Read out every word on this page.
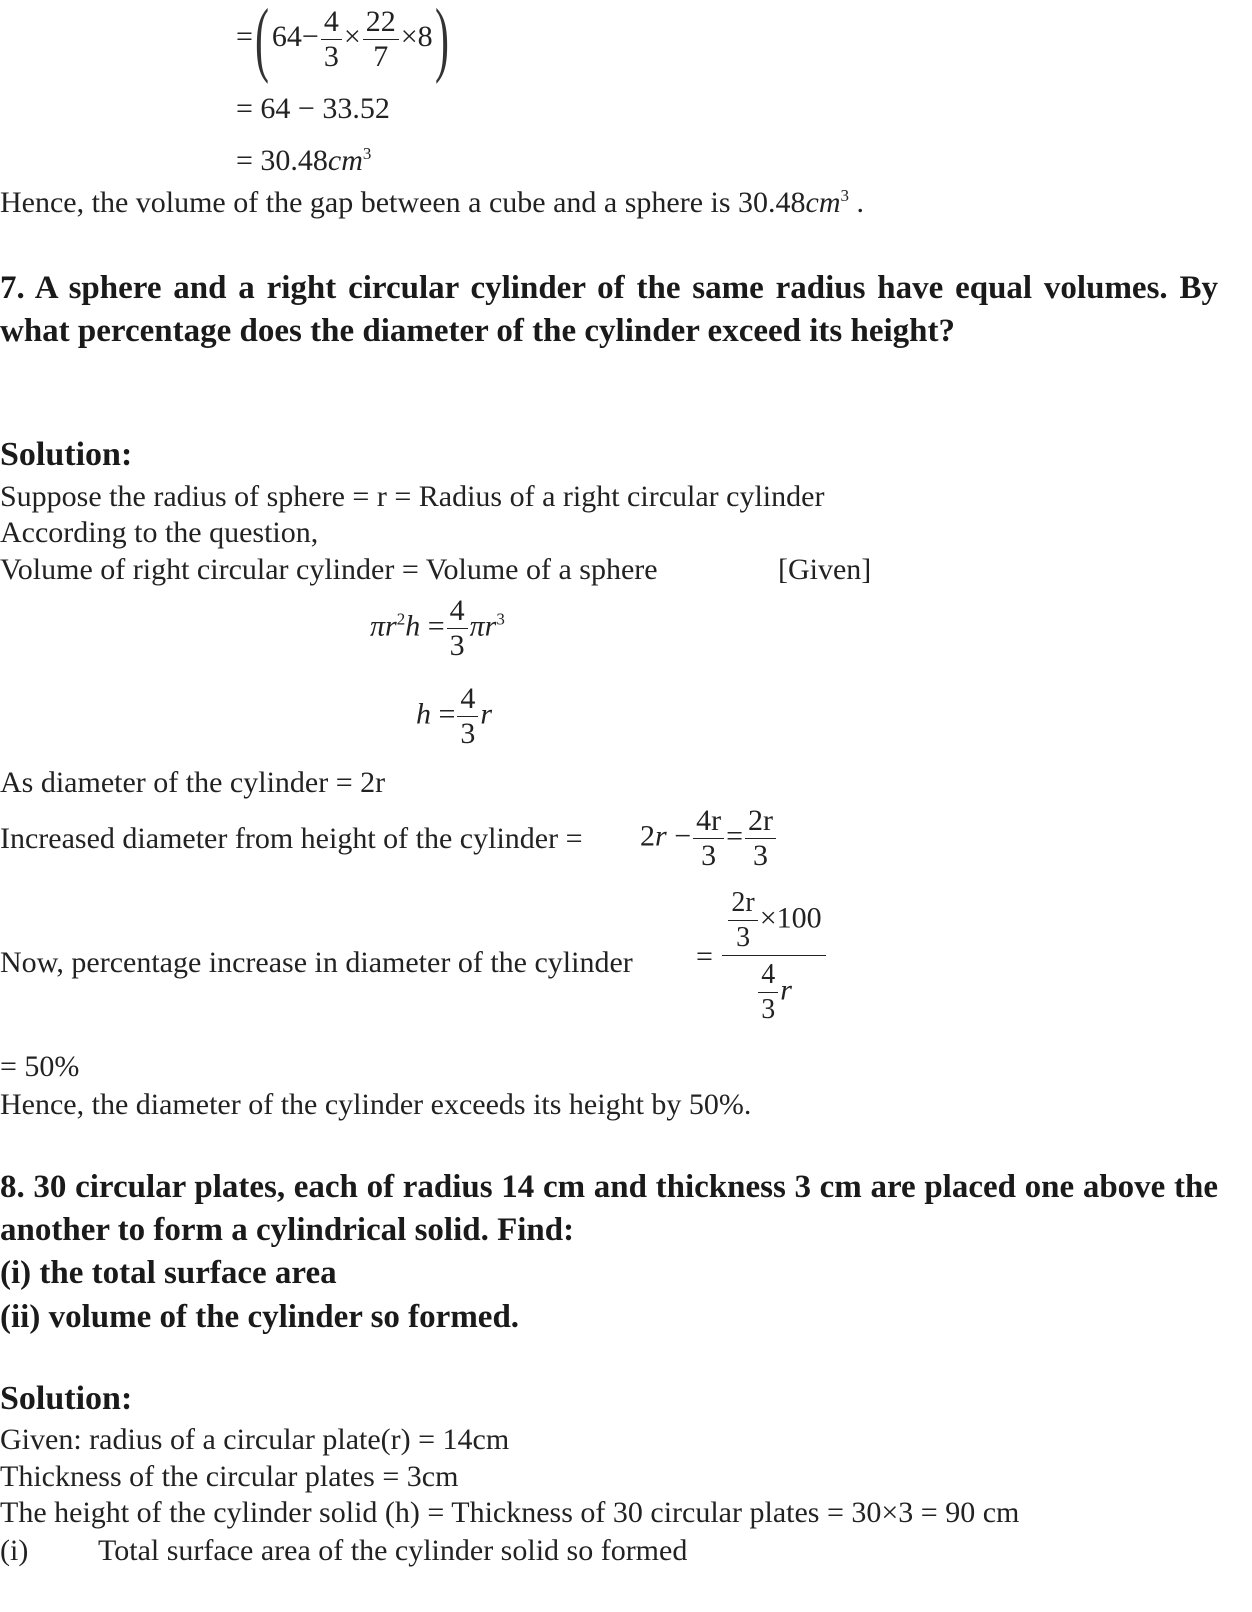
= ( $64- \frac{4}{3} \times \frac{22}{7} \times 8$ )
= 64 − 33.52
= $30.48cm^3$
Hence, the volume of the gap between a cube and a sphere is $30.48cm^3$ .
7. A sphere and a right circular cylinder of the same radius have equal volumes. By what percentage does the diameter of the cylinder exceed its height?
Solution:
Suppose the radius of sphere = r = Radius of a right circular cylinder
According to the question,
Volume of right circular cylinder = Volume of a sphere	[Given]
$\pi r^2h = \frac{4}{3} \pi r^3$
$h = \frac{4}{3}$ r
As diameter of the cylinder = 2r
Increased diameter from height of the cylinder = $2r - \frac{4r}{3} = \frac{2r}{3}$
Now, percentage increase in diameter of the cylinder = $\frac{\frac{2r}{3} \times 100}{\frac{4}{3} r}$
= 50%
Hence, the diameter of the cylinder exceeds its height by 50%.
8. 30 circular plates, each of radius 14 cm and thickness 3 cm are placed one above the another to form a cylindrical solid. Find:
(i) the total surface area
(ii) volume of the cylinder so formed.
Solution:
Given: radius of a circular plate(r) = 14cm
Thickness of the circular plates = 3cm
The height of the cylinder solid (h) = Thickness of 30 circular plates = 30×3 = 90 cm
(i) Total surface area of the cylinder solid so formed
